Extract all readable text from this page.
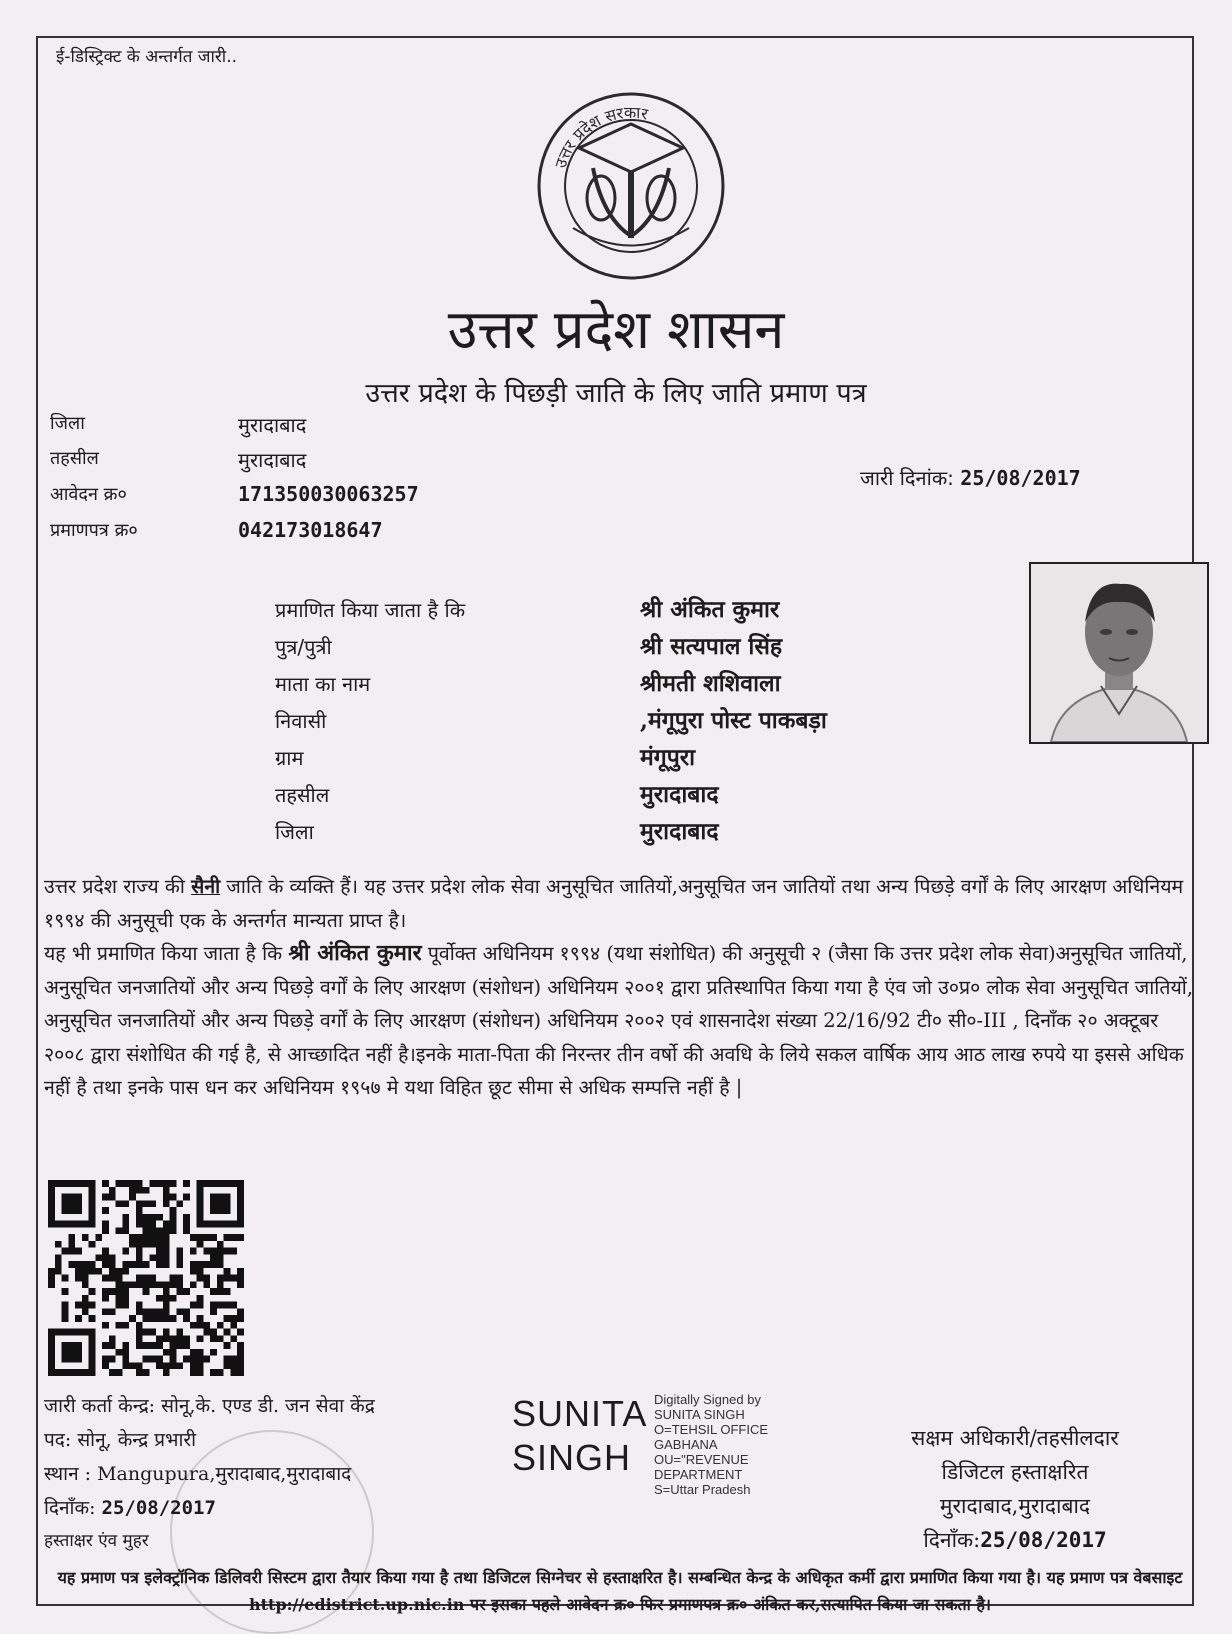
ई-डिस्ट्रिक्ट के अन्तर्गत जारी..
उत्तर प्रदेश सरकार
उत्तर प्रदेश शासन
उत्तर प्रदेश के पिछड़ी जाति के लिए जाति प्रमाण पत्र
जिला	मुरादाबाद
तहसील	मुरादाबाद
आवेदन क्र०	171350030063257
प्रमाणपत्र क्र०	042173018647
जारी दिनांक: 25/08/2017
प्रमाणित किया जाता है कि	श्री अंकित कुमार
पुत्र/पुत्री	श्री सत्यपाल सिंह
माता का नाम	श्रीमती शशिवाला
निवासी	,मंगूपुरा पोस्ट पाकबड़ा
ग्राम	मंगूपुरा
तहसील	मुरादाबाद
जिला	मुरादाबाद
उत्तर प्रदेश राज्य की सैनी जाति के व्यक्ति हैं। यह उत्तर प्रदेश लोक सेवा अनुसूचित जातियों,अनुसूचित जन जातियों तथा अन्य पिछड़े वर्गों के लिए आरक्षण अधिनियम १९९४ की अनुसूची एक के अन्तर्गत मान्यता प्राप्त है।
यह भी प्रमाणित किया जाता है कि श्री अंकित कुमार पूर्वोक्त अधिनियम १९९४ (यथा संशोधित) की अनुसूची २ (जैसा कि उत्तर प्रदेश लोक सेवा)अनुसूचित जातियों, अनुसूचित जनजातियों और अन्य पिछड़े वर्गों के लिए आरक्षण (संशोधन) अधिनियम २००१ द्वारा प्रतिस्थापित किया गया है एंव जो उ०प्र० लोक सेवा अनुसूचित जातियों, अनुसूचित जनजातियों और अन्य पिछड़े वर्गों के लिए आरक्षण (संशोधन) अधिनियम २००२ एवं शासनादेश संख्या 22/16/92 टी० सी०-III , दिनाँक २० अक्टूबर २००८ द्वारा संशोधित की गई है, से आच्छादित नहीं है।इनके माता-पिता की निरन्तर तीन वर्षो की अवधि के लिये सकल वार्षिक आय आठ लाख रुपये या इससे अधिक नहीं है तथा इनके पास धन कर अधिनियम १९५७ मे यथा विहित छूट सीमा से अधिक सम्पत्ति नहीं है |
जारी कर्ता केन्द्र: सोनू,के. एण्ड डी. जन सेवा केंद्र
पद: सोनू, केन्द्र प्रभारी
स्थान : Mangupura,मुरादाबाद,मुरादाबाद
दिनाँक: 25/08/2017
हस्ताक्षर एंव मुहर
SUNITA
SINGH
Digitally Signed by
SUNITA SINGH
O=TEHSIL OFFICE
GABHANA
OU="REVENUE
DEPARTMENT
S=Uttar Pradesh
सक्षम अधिकारी/तहसीलदार
डिजिटल हस्ताक्षरित
मुरादाबाद,मुरादाबाद
दिनाँक:25/08/2017
यह प्रमाण पत्र इलेक्ट्रॉनिक डिलिवरी सिस्टम द्वारा तैयार किया गया है तथा डिजिटल सिग्नेचर से हस्ताक्षरित है। सम्बन्धित केन्द्र के अधिकृत कर्मी द्वारा प्रमाणित किया गया है। यह प्रमाण पत्र वेबसाइट http://edistrict.up.nic.in पर इसका पहले आवेदन क्र० फिर प्रमाणपत्र क्र० अंकित कर,सत्यापित किया जा सकता है।
